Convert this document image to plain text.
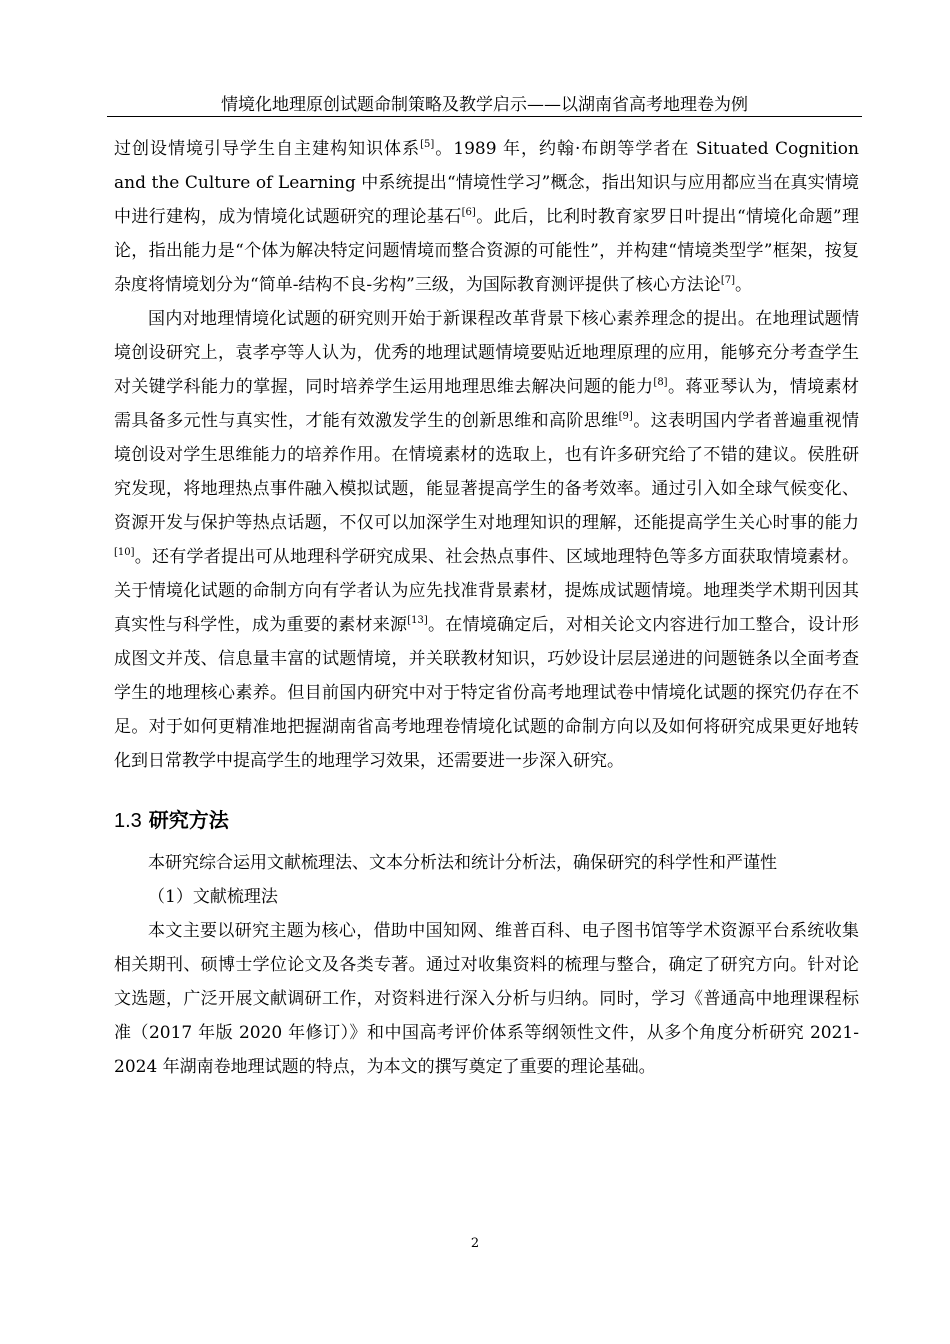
情境化地理原创试题命制策略及教学启示——以湖南省高考地理卷为例

过创设情境引导学生自主建构知识体系[5]。1989 年，约翰·布朗等学者在 Situated Cognition and the Culture of Learning 中系统提出“情境性学习”概念，指出知识与应用都应当在真实情境中进行建构，成为情境化试题研究的理论基石[6]。此后，比利时教育家罗日叶提出“情境化命题”理论，指出能力是“个体为解决特定问题情境而整合资源的可能性”，并构建“情境类型学”框架，按复杂度将情境划分为“简单-结构不良-劣构”三级，为国际教育测评提供了核心方法论[7]。

国内对地理情境化试题的研究则开始于新课程改革背景下核心素养理念的提出。在地理试题情境创设研究上，袁孝亭等人认为，优秀的地理试题情境要贴近地理原理的应用，能够充分考查学生对关键学科能力的掌握，同时培养学生运用地理思维去解决问题的能力[8]。蒋亚琴认为，情境素材需具备多元性与真实性，才能有效激发学生的创新思维和高阶思维[9]。这表明国内学者普遍重视情境创设对学生思维能力的培养作用。在情境素材的选取上，也有许多研究给了不错的建议。侯胜研究发现，将地理热点事件融入模拟试题，能显著提高学生的备考效率。通过引入如全球气候变化、资源开发与保护等热点话题，不仅可以加深学生对地理知识的理解，还能提高学生关心时事的能力[10]。还有学者提出可从地理科学研究成果、社会热点事件、区域地理特色等多方面获取情境素材。关于情境化试题的命制方向有学者认为应先找准背景素材，提炼成试题情境。地理类学术期刊因其真实性与科学性，成为重要的素材来源[13]。在情境确定后，对相关论文内容进行加工整合，设计形成图文并茂、信息量丰富的试题情境，并关联教材知识，巧妙设计层层递进的问题链条以全面考查学生的地理核心素养。但目前国内研究中对于特定省份高考地理试卷中情境化试题的探究仍存在不足。对于如何更精准地把握湖南省高考地理卷情境化试题的命制方向以及如何将研究成果更好地转化到日常教学中提高学生的地理学习效果，还需要进一步深入研究。

1.3 研究方法

本研究综合运用文献梳理法、文本分析法和统计分析法，确保研究的科学性和严谨性

（1）文献梳理法

本文主要以研究主题为核心，借助中国知网、维普百科、电子图书馆等学术资源平台系统收集相关期刊、硕博士学位论文及各类专著。通过对收集资料的梳理与整合，确定了研究方向。针对论文选题，广泛开展文献调研工作，对资料进行深入分析与归纳。同时，学习《普通高中地理课程标准（2017 年版 2020 年修订）》和中国高考评价体系等纲领性文件，从多个角度分析研究 2021-2024 年湖南卷地理试题的特点，为本文的撰写奠定了重要的理论基础。

2
